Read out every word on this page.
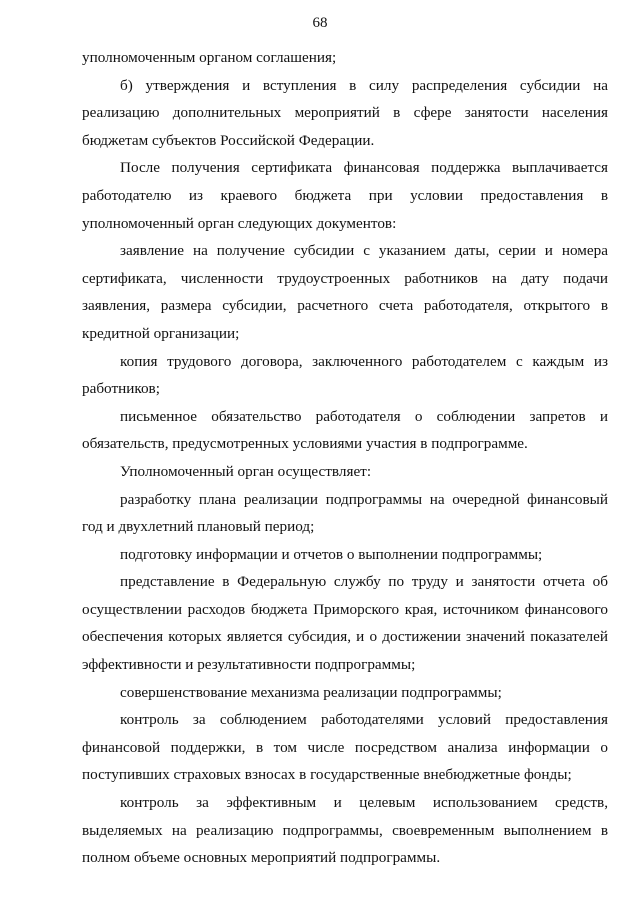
68

уполномоченным органом соглашения;

б) утверждения и вступления в силу распределения субсидии на реализацию дополнительных мероприятий в сфере занятости населения бюджетам субъектов Российской Федерации.

После получения сертификата финансовая поддержка выплачивается работодателю из краевого бюджета при условии предоставления в уполномоченный орган следующих документов:

заявление на получение субсидии с указанием даты, серии и номера сертификата, численности трудоустроенных работников на дату подачи заявления, размера субсидии, расчетного счета работодателя, открытого в кредитной организации;

копия трудового договора, заключенного работодателем с каждым из работников;

письменное обязательство работодателя о соблюдении запретов и обязательств, предусмотренных условиями участия в подпрограмме.

Уполномоченный орган осуществляет:

разработку плана реализации подпрограммы на очередной финансовый год и двухлетний плановый период;

подготовку информации и отчетов о выполнении подпрограммы;

представление в Федеральную службу по труду и занятости отчета об осуществлении расходов бюджета Приморского края, источником финансового обеспечения которых является субсидия, и о достижении значений показателей эффективности и результативности подпрограммы;

совершенствование механизма реализации подпрограммы;

контроль за соблюдением работодателями условий предоставления финансовой поддержки, в том числе посредством анализа информации о поступивших страховых взносах в государственные внебюджетные фонды;

контроль за эффективным и целевым использованием средств, выделяемых на реализацию подпрограммы, своевременным выполнением в полном объеме основных мероприятий подпрограммы.
